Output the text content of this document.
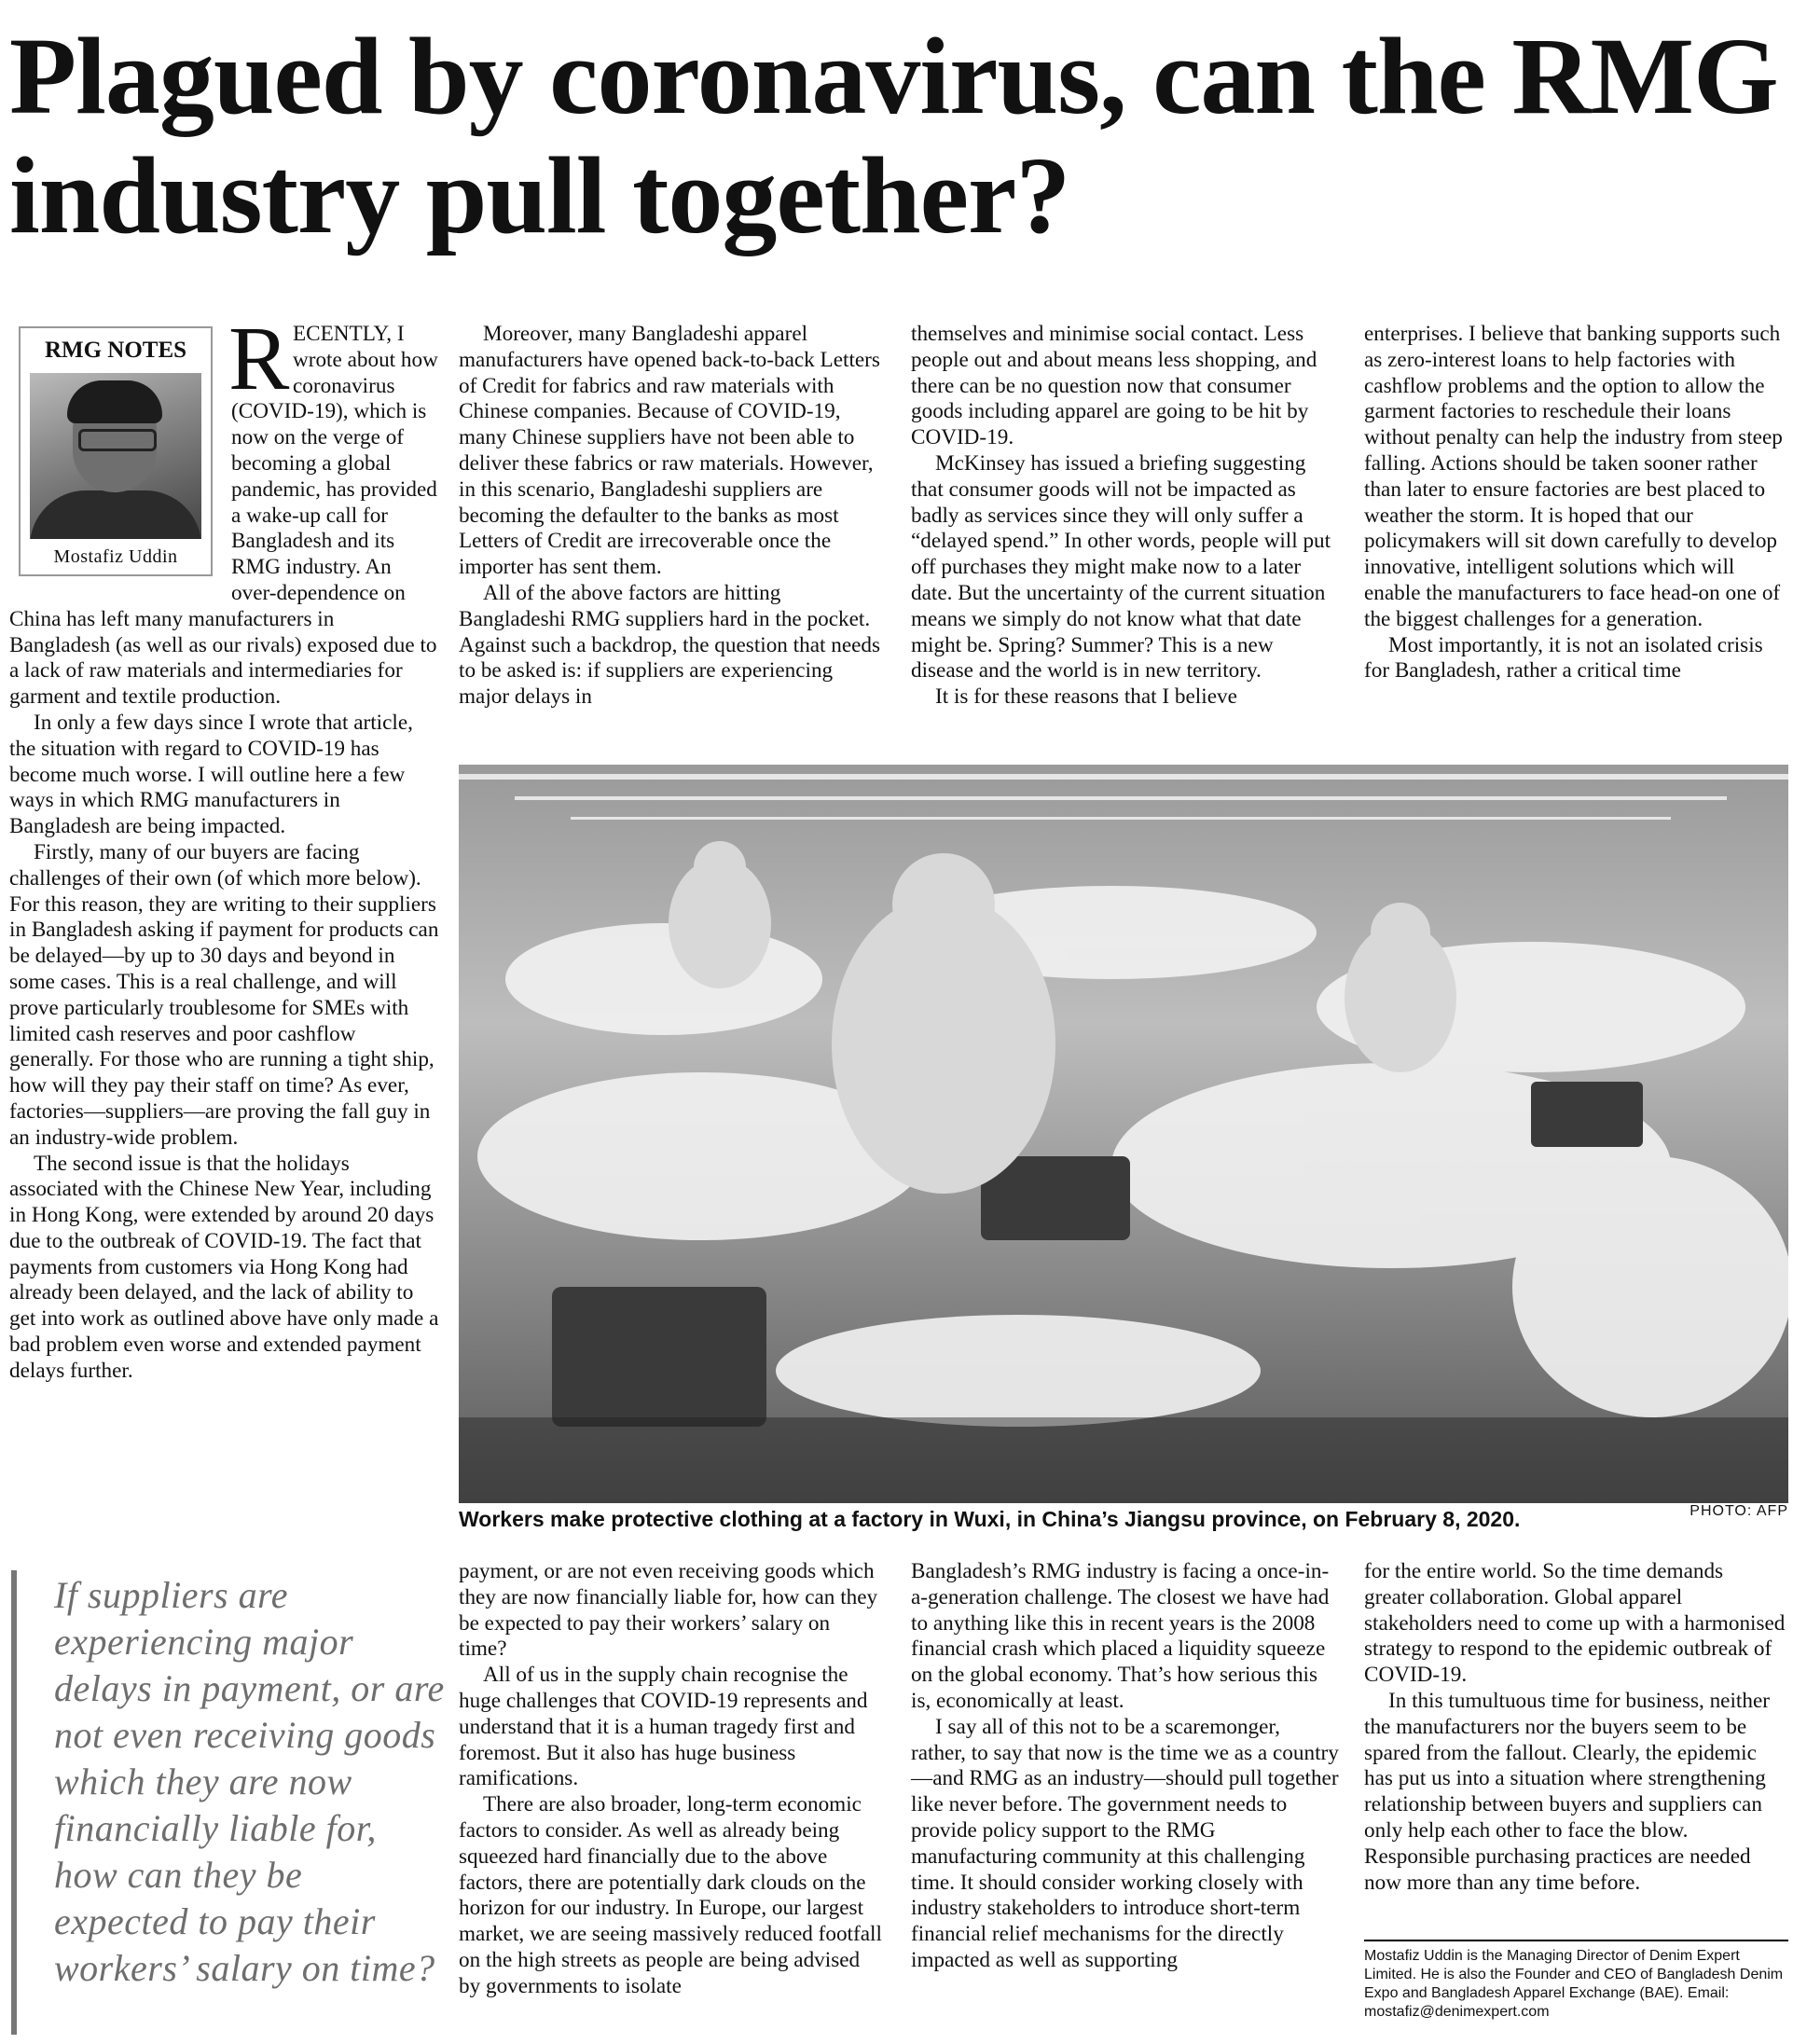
Plagued by coronavirus, can the RMG industry pull together?
RMG NOTES
Mostafiz Uddin
R ECENTLY, I wrote about how coronavirus (COVID-19), which is now on the verge of becoming a global pandemic, has provided a wake-up call for Bangladesh and its RMG industry. An over-dependence on China has left many manufacturers in Bangladesh (as well as our rivals) exposed due to a lack of raw materials and intermediaries for garment and textile production.

In only a few days since I wrote that article, the situation with regard to COVID-19 has become much worse. I will outline here a few ways in which RMG manufacturers in Bangladesh are being impacted.

Firstly, many of our buyers are facing challenges of their own (of which more below). For this reason, they are writing to their suppliers in Bangladesh asking if payment for products can be delayed—by up to 30 days and beyond in some cases. This is a real challenge, and will prove particularly troublesome for SMEs with limited cash reserves and poor cashflow generally. For those who are running a tight ship, how will they pay their staff on time? As ever, factories—suppliers—are proving the fall guy in an industry-wide problem.

The second issue is that the holidays associated with the Chinese New Year, including in Hong Kong, were extended by around 20 days due to the outbreak of COVID-19. The fact that payments from customers via Hong Kong had already been delayed, and the lack of ability to get into work as outlined above have only made a bad problem even worse and extended payment delays further.

Moreover, many Bangladeshi apparel manufacturers have opened back-to-back Letters of Credit for fabrics and raw materials with Chinese companies. Because of COVID-19, many Chinese suppliers have not been able to deliver these fabrics or raw materials. However, in this scenario, Bangladeshi suppliers are becoming the defaulter to the banks as most Letters of Credit are irrecoverable once the importer has sent them.

All of the above factors are hitting Bangladeshi RMG suppliers hard in the pocket. Against such a backdrop, the question that needs to be asked is: if suppliers are experiencing major delays in

themselves and minimise social contact. Less people out and about means less shopping, and there can be no question now that consumer goods including apparel are going to be hit by COVID-19.

McKinsey has issued a briefing suggesting that consumer goods will not be impacted as badly as services since they will only suffer a “delayed spend.” In other words, people will put off purchases they might make now to a later date. But the uncertainty of the current situation means we simply do not know what that date might be. Spring? Summer? This is a new disease and the world is in new territory.

It is for these reasons that I believe

enterprises. I believe that banking supports such as zero-interest loans to help factories with cashflow problems and the option to allow the garment factories to reschedule their loans without penalty can help the industry from steep falling. Actions should be taken sooner rather than later to ensure factories are best placed to weather the storm. It is hoped that our policymakers will sit down carefully to develop innovative, intelligent solutions which will enable the manufacturers to face head-on one of the biggest challenges for a generation.

Most importantly, it is not an isolated crisis for Bangladesh, rather a critical time

Workers make protective clothing at a factory in Wuxi, in China’s Jiangsu province, on February 8, 2020.	PHOTO: AFP
If suppliers are experiencing major delays in payment, or are not even receiving goods which they are now financially liable for, how can they be expected to pay their workers’ salary on time?

payment, or are not even receiving goods which they are now financially liable for, how can they be expected to pay their workers’ salary on time?

All of us in the supply chain recognise the huge challenges that COVID-19 represents and understand that it is a human tragedy first and foremost. But it also has huge business ramifications.

There are also broader, long-term economic factors to consider. As well as already being squeezed hard financially due to the above factors, there are potentially dark clouds on the horizon for our industry. In Europe, our largest market, we are seeing massively reduced footfall on the high streets as people are being advised by governments to isolate

Bangladesh’s RMG industry is facing a once-in-a-generation challenge. The closest we have had to anything like this in recent years is the 2008 financial crash which placed a liquidity squeeze on the global economy. That’s how serious this is, economically at least.

I say all of this not to be a scaremonger, rather, to say that now is the time we as a country—and RMG as an industry—should pull together like never before. The government needs to provide policy support to the RMG manufacturing community at this challenging time. It should consider working closely with industry stakeholders to introduce short-term financial relief mechanisms for the directly impacted as well as supporting

for the entire world. So the time demands greater collaboration. Global apparel stakeholders need to come up with a harmonised strategy to respond to the epidemic outbreak of COVID-19.

In this tumultuous time for business, neither the manufacturers nor the buyers seem to be spared from the fallout. Clearly, the epidemic has put us into a situation where strengthening relationship between buyers and suppliers can only help each other to face the blow. Responsible purchasing practices are needed now more than any time before.

Mostafiz Uddin is the Managing Director of Denim Expert Limited. He is also the Founder and CEO of Bangladesh Denim Expo and Bangladesh Apparel Exchange (BAE). Email: mostafiz@denimexpert.com
